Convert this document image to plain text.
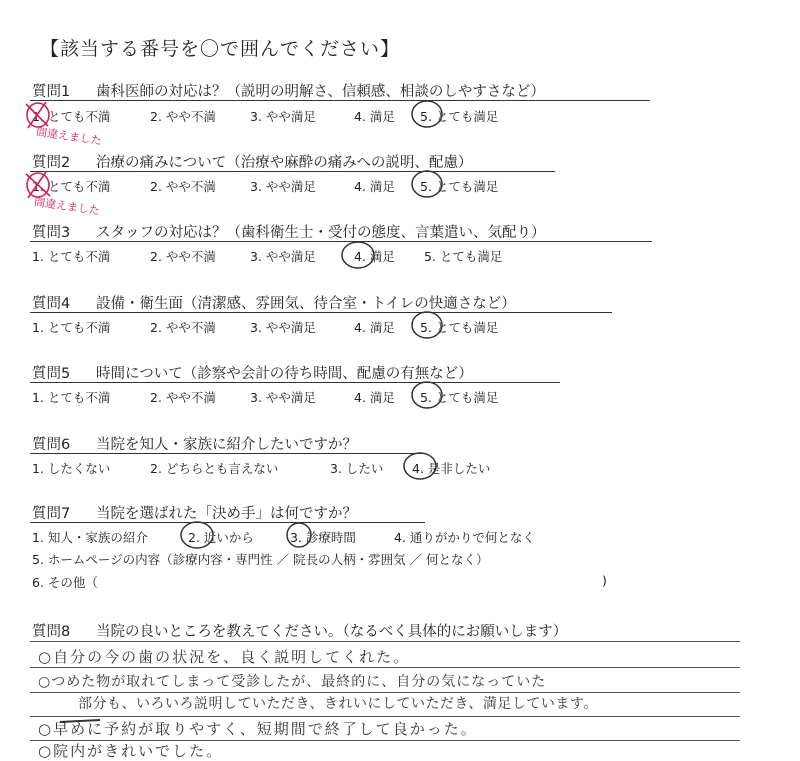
【該当する番号を〇で囲んでください】
質問1 歯科医師の対応は？（説明の明解さ、信頼感、相談のしやすさなど）
1. とても不満	2. やや不満	3. やや満足	4. 満足 5. とても満足
間違えました
質問2 治療の痛みについて（治療や麻酔の痛みへの説明、配慮）
1. とても不満	2. やや不満	3. やや満足	4. 満足 5. とても満足
間違えました
質問3 スタッフの対応は？（歯科衛生士・受付の態度、言葉遣い、気配り）
1. とても不満	2. やや不満	3. やや満足	4. 満足 5. とても満足
質問4 設備・衛生面（清潔感、雰囲気、待合室・トイレの快適さなど）
1. とても不満	2. やや不満	3. やや満足	4. 満足 5. とても満足
質問5 時間について（診察や会計の待ち時間、配慮の有無など）
1. とても不満	2. やや不満	3. やや満足	4. 満足 5. とても満足
質問6 当院を知人・家族に紹介したいですか？
1. したくない	2. どちらとも言えない	3. したい 4. 是非したい
質問7 当院を選ばれた「決め手」は何ですか？
1. 知人・家族の紹介	2. 近いから	3. 診療時間	4. 通りがかりで何となく
5. ホームページの内容（診療内容・専門性 ／ 院長の人柄・雰囲気 ／ 何となく）
6. その他（	)
質問8 当院の良いところを教えてください。（なるべく具体的にお願いします）
○自分の今の歯の状況を、良く説明してくれた。
○つめた物が取れてしまって受診したが、最終的に、自分の気になっていた
部分も、いろいろ説明していただき、きれいにしていただき、満足しています。
○早めに予約が取りやすく、短期間で終了して良かった。
○院内がきれいでした。
